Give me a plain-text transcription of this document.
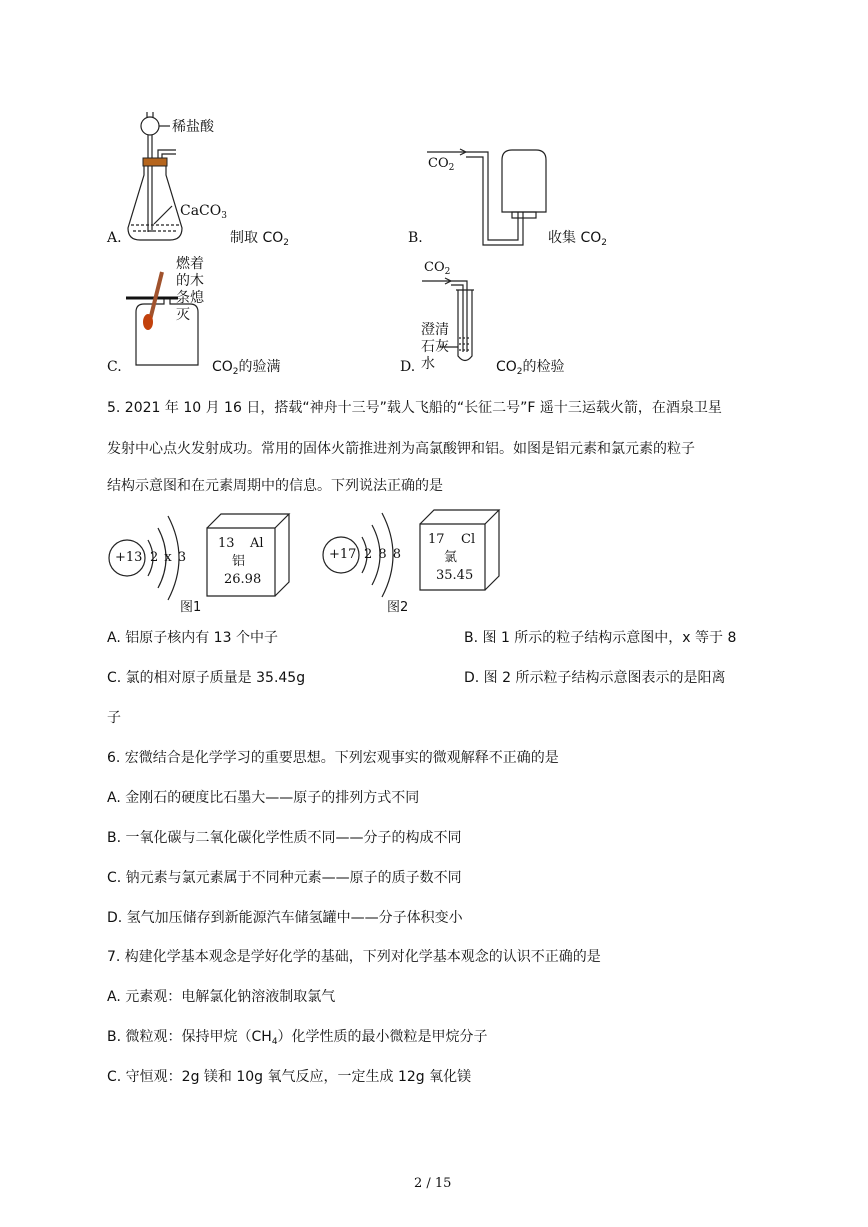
A.
稀盐酸
CaCO$_3$
制取 $CO_2$	B.
$CO_2$
收集 $CO_2$
C.
燃着
的木
条熄
灭
$CO_2$的验满	D.
$CO_2$
澄清
石灰
水	$CO_2$的检验
5. 2021 年 10 月 16 日，搭载“神舟十三号”载人飞船的“长征二号”F 遥十三运载火箭，在酒泉卫星
发射中心点火发射成功。常用的固体火箭推进剂为高氯酸钾和铝。如图是铝元素和氯元素的粒子
结构示意图和在元素周期中的信息。下列说法正确的是
+13 2 x 3
13 Al
铝
26.98
图1
+17 2 8 8
17 Cl
氯
35.45
图2
A. 铝原子核内有 13 个中子	B. 图 1 所示的粒子结构示意图中，x 等于 8
C. 氯的相对原子质量是 35.45g	D. 图 2 所示粒子结构示意图表示的是阳离
子
6. 宏微结合是化学学习的重要思想。下列宏观事实的微观解释不正确的是
A. 金刚石的硬度比石墨大——原子的排列方式不同
B. 一氧化碳与二氧化碳化学性质不同——分子的构成不同
C. 钠元素与氯元素属于不同种元素——原子的质子数不同
D. 氢气加压储存到新能源汽车储氢罐中——分子体积变小
7. 构建化学基本观念是学好化学的基础，下列对化学基本观念的认识不正确的是
A. 元素观：电解氯化钠溶液制取氯气
B. 微粒观：保持甲烷$(CH_4)$化学性质的最小微粒是甲烷分子
C. 守恒观：2g 镁和 10g 氧气反应，一定生成 12g 氧化镁
2 / 15
